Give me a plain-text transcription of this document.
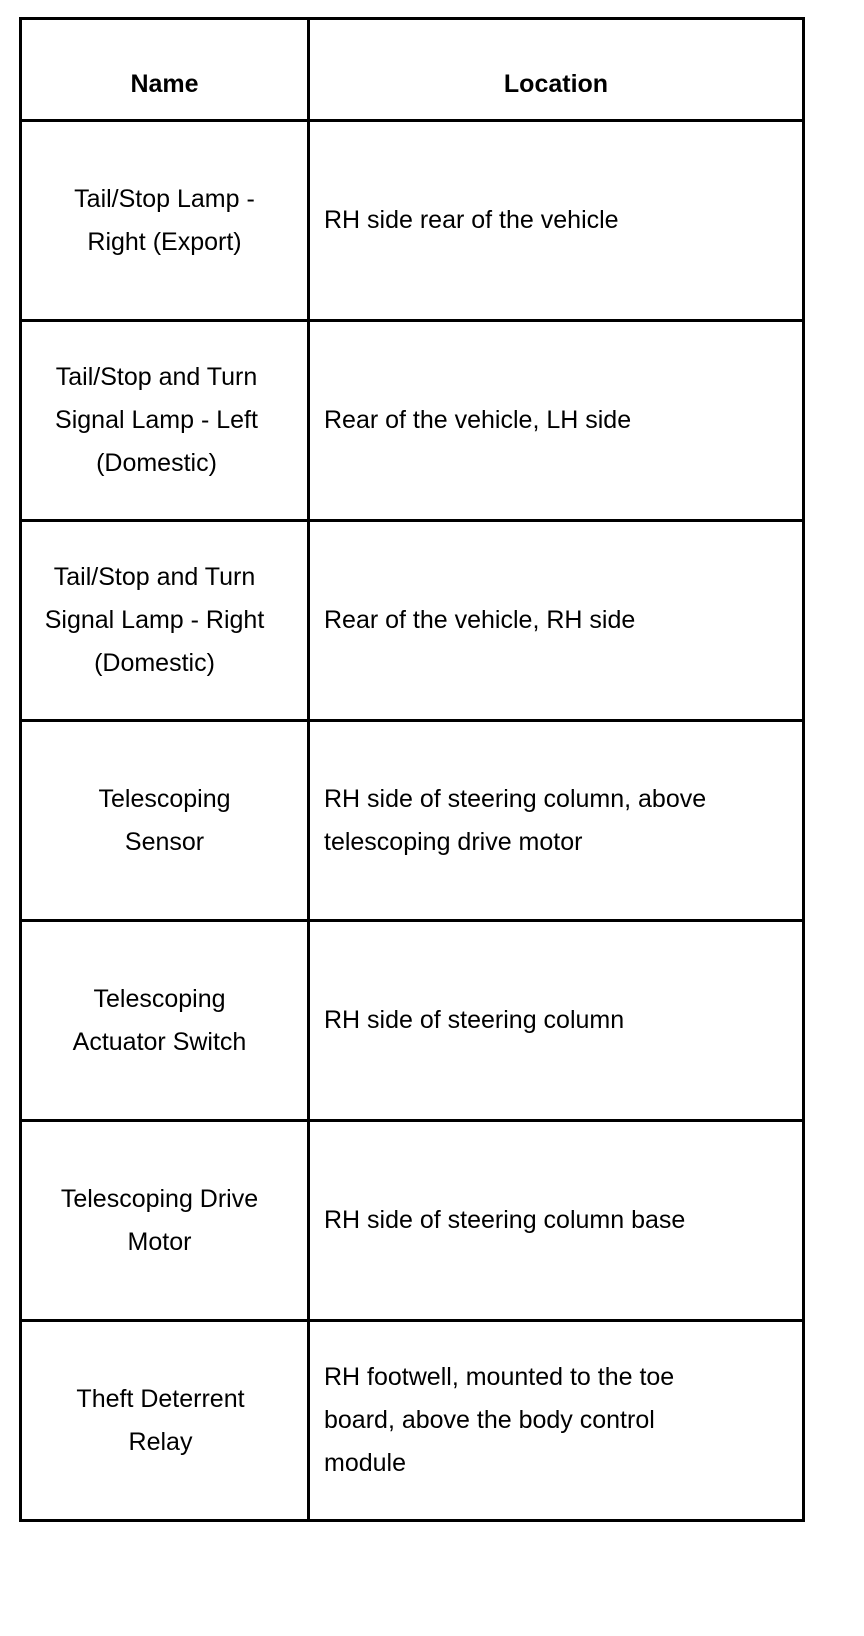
Name	Location
Tail/Stop Lamp - Right (Export)	RH side rear of the vehicle
Tail/Stop and Turn Signal Lamp - Left (Domestic)	Rear of the vehicle, LH side
Tail/Stop and Turn Signal Lamp - Right (Domestic)	Rear of the vehicle, RH side
Telescoping Sensor	RH side of steering column, above telescoping drive motor
Telescoping Actuator Switch	RH side of steering column
Telescoping Drive Motor	RH side of steering column base
Theft Deterrent Relay	RH footwell, mounted to the toe board, above the body control module
